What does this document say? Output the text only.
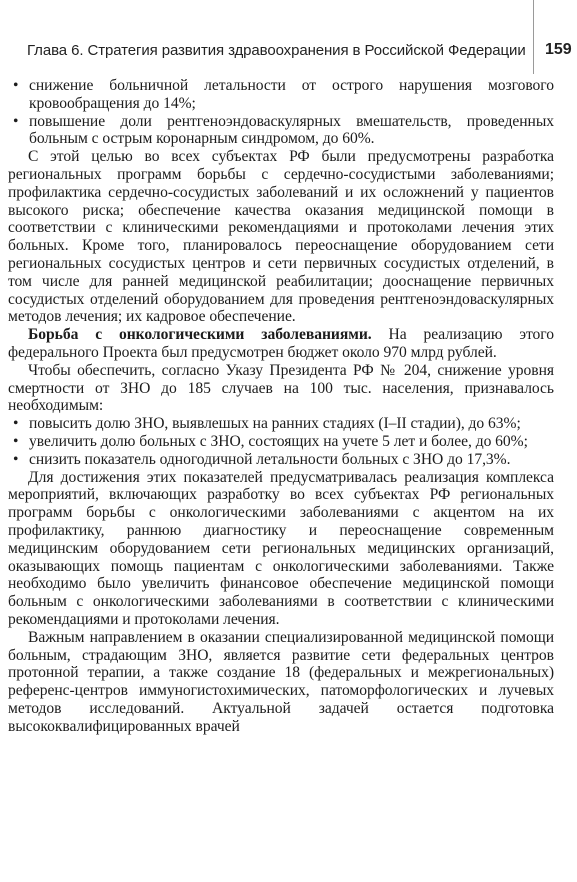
Глава 6. Стратегия развития здравоохранения в Российской Федерации 159
• снижение больничной летальности от острого нарушения мозгового кровообращения до 14%;
• повышение доли рентгеноэндоваскулярных вмешательств, проведенных больным с острым коронарным синдромом, до 60%.

С этой целью во всех субъектах РФ были предусмотрены разработка региональных программ борьбы с сердечно-сосудистыми заболеваниями; профилактика сердечно-сосудистых заболеваний и их осложнений у пациентов высокого риска; обеспечение качества оказания медицинской помощи в соответствии с клиническими рекомендациями и протоколами лечения этих больных. Кроме того, планировалось переоснащение оборудованием сети региональных сосудистых центров и сети первичных сосудистых отделений, в том числе для ранней медицинской реабилитации; дооснащение первичных сосудистых отделений оборудованием для проведения рентгеноэндоваскулярных методов лечения; их кадровое обеспечение.

Борьба с онкологическими заболеваниями. На реализацию этого федерального Проекта был предусмотрен бюджет около 970 млрд рублей.

Чтобы обеспечить, согласно Указу Президента РФ № 204, снижение уровня смертности от ЗНО до 185 случаев на 100 тыс. населения, признавалось необходимым:

• повысить долю ЗНО, выявлешых на ранних стадиях (I–II стадии), до 63%;
• увеличить долю больных с ЗНО, состоящих на учете 5 лет и более, до 60%;
• снизить показатель одногодичной летальности больных с ЗНО до 17,3%.

Для достижения этих показателей предусматривалась реализация комплекса мероприятий, включающих разработку во всех субъектах РФ региональных программ борьбы с онкологическими заболеваниями с акцентом на их профилактику, раннюю диагностику и переоснащение современным медицинским оборудованием сети региональных медицинских организаций, оказывающих помощь пациентам с онкологическими заболеваниями. Также необходимо было увеличить финансовое обеспечение медицинской помощи больным с онкологическими заболеваниями в соответствии с клиническими рекомендациями и протоколами лечения.

Важным направлением в оказании специализированной медицинской помощи больным, страдающим ЗНО, является развитие сети федеральных центров протонной терапии, а также создание 18 (федеральных и межрегиональных) референс-центров иммуногистохимических, патоморфологических и лучевых методов исследований. Актуальной задачей остается подготовка высококвалифицированных врачей
